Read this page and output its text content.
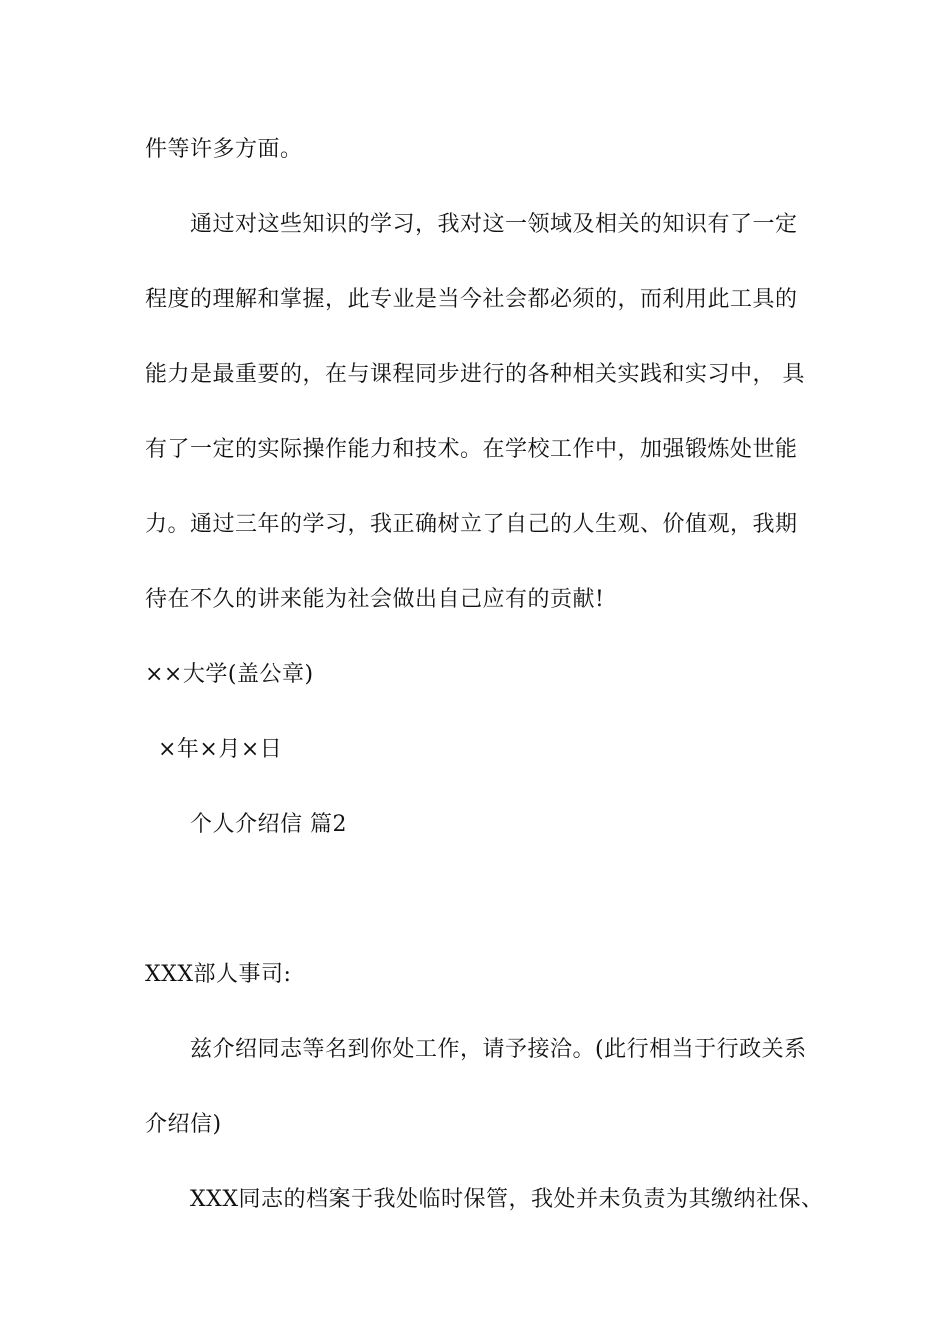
件等许多方面。
通过对这些知识的学习，我对这一领域及相关的知识有了一定
程度的理解和掌握，此专业是当今社会都必须的，而利用此工具的
能力是最重要的，在与课程同步进行的各种相关实践和实习中， 具
有了一定的实际操作能力和技术。在学校工作中，加强锻炼处世能
力。通过三年的学习，我正确树立了自己的人生观、价值观，我期
待在不久的讲来能为社会做出自己应有的贡献!
××大学(盖公章)
×年×月×日
个人介绍信 篇2
XXX部人事司:
兹介绍同志等名到你处工作，请予接洽。(此行相当于行政关系
介绍信)
XXX同志的档案于我处临时保管，我处并未负责为其缴纳社保、
